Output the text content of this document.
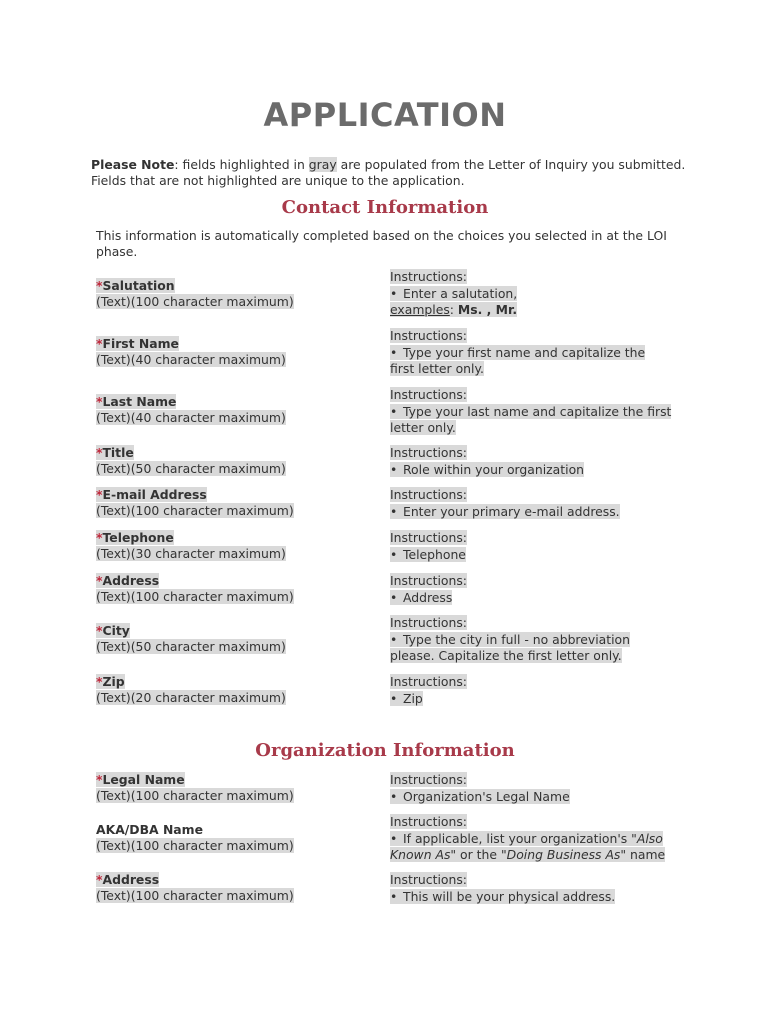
APPLICATION
Please Note: fields highlighted in gray are populated from the Letter of Inquiry you submitted. Fields that are not highlighted are unique to the application.
Contact Information
This information is automatically completed based on the choices you selected in at the LOI phase.
*Salutation
(Text)(100 character maximum)
Instructions:
• Enter a salutation,
examples: Ms. , Mr.
*First Name
(Text)(40 character maximum)
Instructions:
• Type your first name and capitalize the
first letter only.
*Last Name
(Text)(40 character maximum)
Instructions:
• Type your last name and capitalize the first
letter only.
*Title
(Text)(50 character maximum)
Instructions:
• Role within your organization
*E-mail Address
(Text)(100 character maximum)
Instructions:
• Enter your primary e-mail address.
*Telephone
(Text)(30 character maximum)
Instructions:
• Telephone
*Address
(Text)(100 character maximum)
Instructions:
• Address
*City
(Text)(50 character maximum)
Instructions:
• Type the city in full - no abbreviation
please. Capitalize the first letter only.
*Zip
(Text)(20 character maximum)
Instructions:
• Zip
Organization Information
*Legal Name
(Text)(100 character maximum)
Instructions:
• Organization's Legal Name
AKA/DBA Name
(Text)(100 character maximum)
Instructions:
• If applicable, list your organization's "Also
Known As" or the "Doing Business As" name
*Address
(Text)(100 character maximum)
Instructions:
• This will be your physical address.
